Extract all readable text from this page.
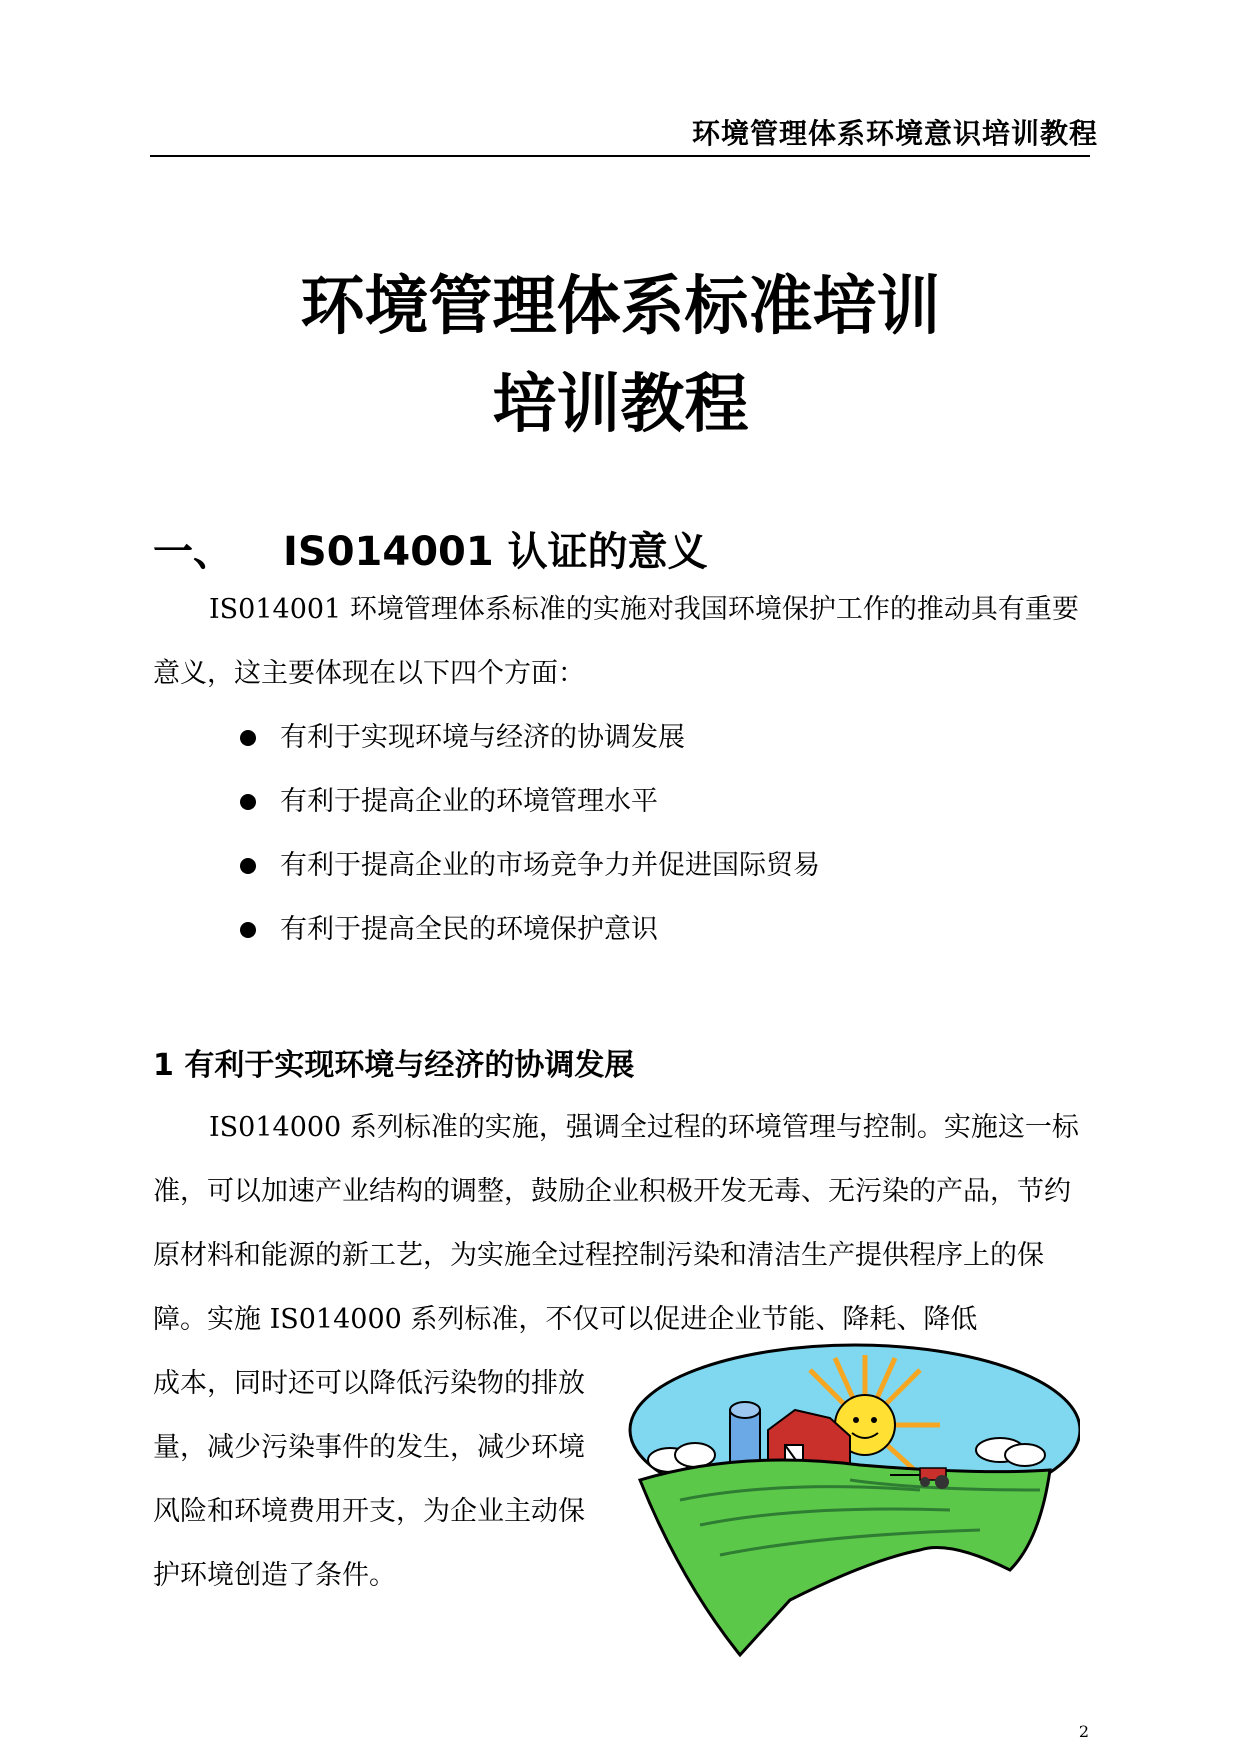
环境管理体系环境意识培训教程
环境管理体系标准培训
培训教程
一、 IS014001 认证的意义
IS014001 环境管理体系标准的实施对我国环境保护工作的推动具有重要意义，这主要体现在以下四个方面：
有利于实现环境与经济的协调发展
有利于提高企业的环境管理水平
有利于提高企业的市场竞争力并促进国际贸易
有利于提高全民的环境保护意识
1 有利于实现环境与经济的协调发展
IS014000 系列标准的实施，强调全过程的环境管理与控制。实施这一标准，可以加速产业结构的调整，鼓励企业积极开发无毒、无污染的产品，节约原材料和能源的新工艺，为实施全过程控制污染和清洁生产提供程序上的保障。实施 IS014000 系列标准，不仅可以促进企业节能、降耗、降低
成本，同时还可以降低污染物的排放量，减少污染事件的发生，减少环境风险和环境费用开支，为企业主动保护环境创造了条件。
2
